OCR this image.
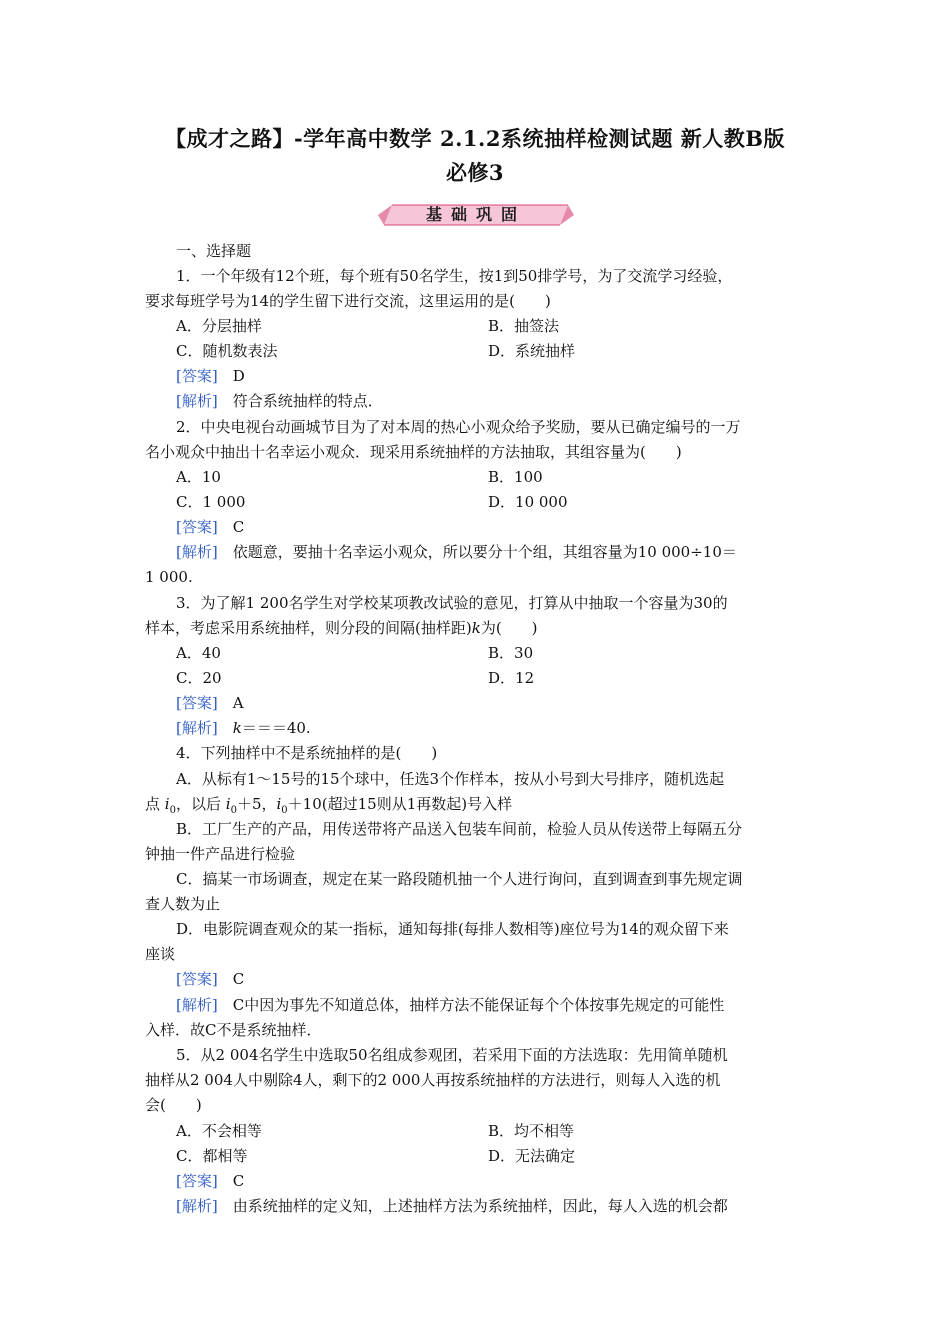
【成才之路】-学年高中数学 2.1.2系统抽样检测试题 新人教B版
必修3
基础巩固
一、选择题
1．一个年级有12个班，每个班有50名学生，按1到50排学号，为了交流学习经验，
要求每班学号为14的学生留下进行交流，这里运用的是(　　)
A．分层抽样	B．抽签法
C．随机数表法	D．系统抽样
[答案]　 D
[解析]　 符合系统抽样的特点．
2．中央电视台动画城节目为了对本周的热心小观众给予奖励，要从已确定编号的一万
名小观众中抽出十名幸运小观众．现采用系统抽样的方法抽取，其组容量为(　　)
A．10	B．100
C．1 000	D．10 000
[答案]　 C
[解析]　 依题意，要抽十名幸运小观众，所以要分十个组，其组容量为10 000÷10＝
1 000.
3．为了解1 200名学生对学校某项教改试验的意见，打算从中抽取一个容量为30的
样本，考虑采用系统抽样，则分段的间隔(抽样距)k为(　　)
A．40	B．30
C．20	D．12
[答案]　 A
[解析]　 k＝＝＝40.
4．下列抽样中不是系统抽样的是(　　)
A．从标有1～15号的15个球中，任选3个作样本，按从小号到大号排序，随机选起
点 $i_0$，以后 $i_0+5$，$i_0+10$(超过15则从1再数起)号入样
B．工厂生产的产品，用传送带将产品送入包装车间前，检验人员从传送带上每隔五分
钟抽一件产品进行检验
C．搞某一市场调查，规定在某一路段随机抽一个人进行询问，直到调查到事先规定调
查人数为止
D．电影院调查观众的某一指标，通知每排(每排人数相等)座位号为14的观众留下来
座谈
[答案]　 C
[解析]　 C中因为事先不知道总体，抽样方法不能保证每个个体按事先规定的可能性
入样．故C不是系统抽样．
5．从2 004名学生中选取50名组成参观团，若采用下面的方法选取：先用简单随机
抽样从2 004人中剔除4人，剩下的2 000人再按系统抽样的方法进行，则每人入选的机
会(　　)
A．不会相等	B．均不相等
C．都相等	D．无法确定
[答案]　 C
[解析]　 由系统抽样的定义知，上述抽样方法为系统抽样，因此，每人入选的机会都
